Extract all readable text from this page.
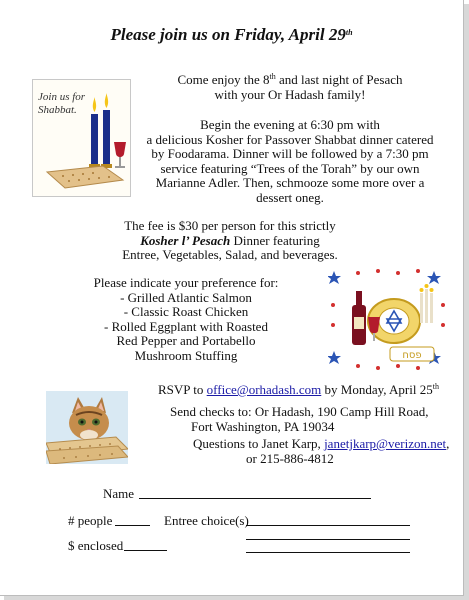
Please join us on Friday, April 29th
Join us for
Shabbat.

Come enjoy the 8th and last night of Pesach

with your Or Hadash family!

Begin the evening at 6:30 pm with

a delicious Kosher for Passover Shabbat dinner catered

by Foodarama. Dinner will be followed by a 7:30 pm

service featuring “Trees of the Torah” by our own

Marianne Adler. Then, schmooze some more over a

dessert oneg.

The fee is $30 per person for this strictly

Kosher l’ Pesach Dinner featuring

Entree, Vegetables, Salad, and beverages.

Please indicate your preference for:

- Grilled Atlantic Salmon

- Classic Roast Chicken

- Rolled Eggplant with Roasted

Red Pepper and Portabello

Mushroom Stuffing	פסח

RSVP to office@orhadash.com by Monday, April 25th

Send checks to: Or Hadash, 190 Camp Hill Road,

Fort Washington, PA 19034

Questions to Janet Karp, janetjkarp@verizon.net,

or 215-886-4812

Name
# people	Entree choice(s)
$ enclosed
